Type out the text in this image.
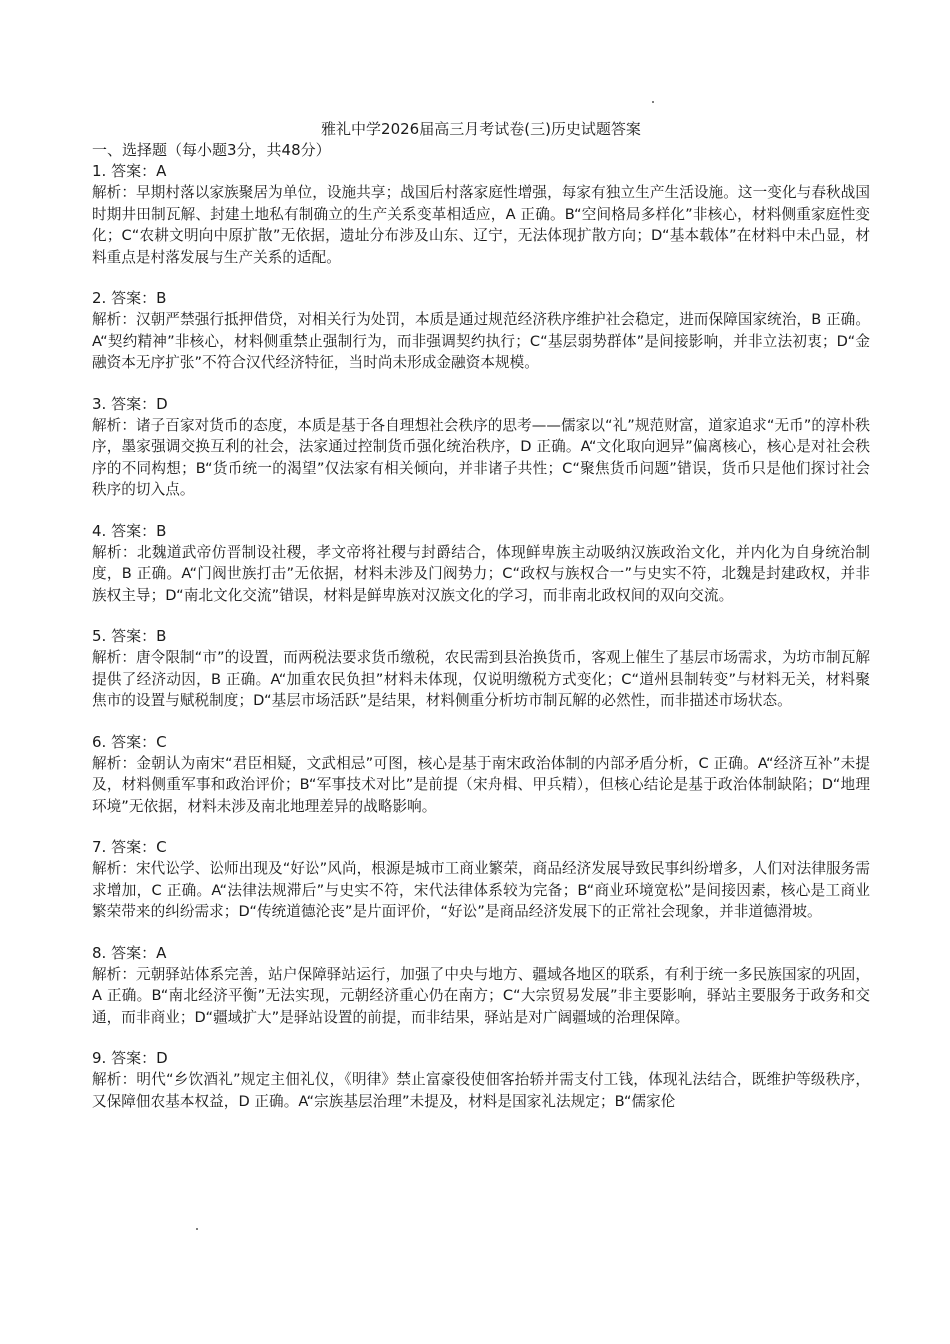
雅礼中学2026届高三月考试卷(三)历史试题答案

一、选择题（每小题3分，共48分）

1. 答案：A

解析：早期村落以家族聚居为单位，设施共享；战国后村落家庭性增强，每家有独立生产生活设施。这一变化与春秋战国时期井田制瓦解、封建土地私有制确立的生产关系变革相适应，A 正确。B“空间格局多样化”非核心，材料侧重家庭性变化；C“农耕文明向中原扩散”无依据，遗址分布涉及山东、辽宁，无法体现扩散方向；D“基本载体”在材料中未凸显，材料重点是村落发展与生产关系的适配。

2. 答案：B

解析：汉朝严禁强行抵押借贷，对相关行为处罚，本质是通过规范经济秩序维护社会稳定，进而保障国家统治，B 正确。A“契约精神”非核心，材料侧重禁止强制行为，而非强调契约执行；C“基层弱势群体”是间接影响，并非立法初衷；D“金融资本无序扩张”不符合汉代经济特征，当时尚未形成金融资本规模。

3. 答案：D

解析：诸子百家对货币的态度，本质是基于各自理想社会秩序的思考——儒家以“礼”规范财富，道家追求“无币”的淳朴秩序，墨家强调交换互利的社会，法家通过控制货币强化统治秩序，D 正确。A“文化取向迥异”偏离核心，核心是对社会秩序的不同构想；B“货币统一的渴望”仅法家有相关倾向，并非诸子共性；C“聚焦货币问题”错误，货币只是他们探讨社会秩序的切入点。

4. 答案：B

解析：北魏道武帝仿晋制设社稷，孝文帝将社稷与封爵结合，体现鲜卑族主动吸纳汉族政治文化，并内化为自身统治制度，B 正确。A“门阀世族打击”无依据，材料未涉及门阀势力；C“政权与族权合一”与史实不符，北魏是封建政权，并非族权主导；D“南北文化交流”错误，材料是鲜卑族对汉族文化的学习，而非南北政权间的双向交流。

5. 答案：B

解析：唐令限制“市”的设置，而两税法要求货币缴税，农民需到县治换货币，客观上催生了基层市场需求，为坊市制瓦解提供了经济动因，B 正确。A“加重农民负担”材料未体现，仅说明缴税方式变化；C“道州县制转变”与材料无关，材料聚焦市的设置与赋税制度；D“基层市场活跃”是结果，材料侧重分析坊市制瓦解的必然性，而非描述市场状态。

6. 答案：C

解析：金朝认为南宋“君臣相疑，文武相忌”可图，核心是基于南宋政治体制的内部矛盾分析，C 正确。A“经济互补”未提及，材料侧重军事和政治评价；B“军事技术对比”是前提（宋舟楫、甲兵精），但核心结论是基于政治体制缺陷；D“地理环境”无依据，材料未涉及南北地理差异的战略影响。

7. 答案：C

解析：宋代讼学、讼师出现及“好讼”风尚，根源是城市工商业繁荣，商品经济发展导致民事纠纷增多，人们对法律服务需求增加，C 正确。A“法律法规滞后”与史实不符，宋代法律体系较为完备；B“商业环境宽松”是间接因素，核心是工商业繁荣带来的纠纷需求；D“传统道德沦丧”是片面评价，“好讼”是商品经济发展下的正常社会现象，并非道德滑坡。

8. 答案：A

解析：元朝驿站体系完善，站户保障驿站运行，加强了中央与地方、疆域各地区的联系，有利于统一多民族国家的巩固，A 正确。B“南北经济平衡”无法实现，元朝经济重心仍在南方；C“大宗贸易发展”非主要影响，驿站主要服务于政务和交通，而非商业；D“疆域扩大”是驿站设置的前提，而非结果，驿站是对广阔疆域的治理保障。

9. 答案：D

解析：明代“乡饮酒礼”规定主佃礼仪，《明律》禁止富豪役使佃客抬轿并需支付工钱，体现礼法结合，既维护等级秩序，又保障佃农基本权益，D 正确。A“宗族基层治理”未提及，材料是国家礼法规定；B“儒家伦
